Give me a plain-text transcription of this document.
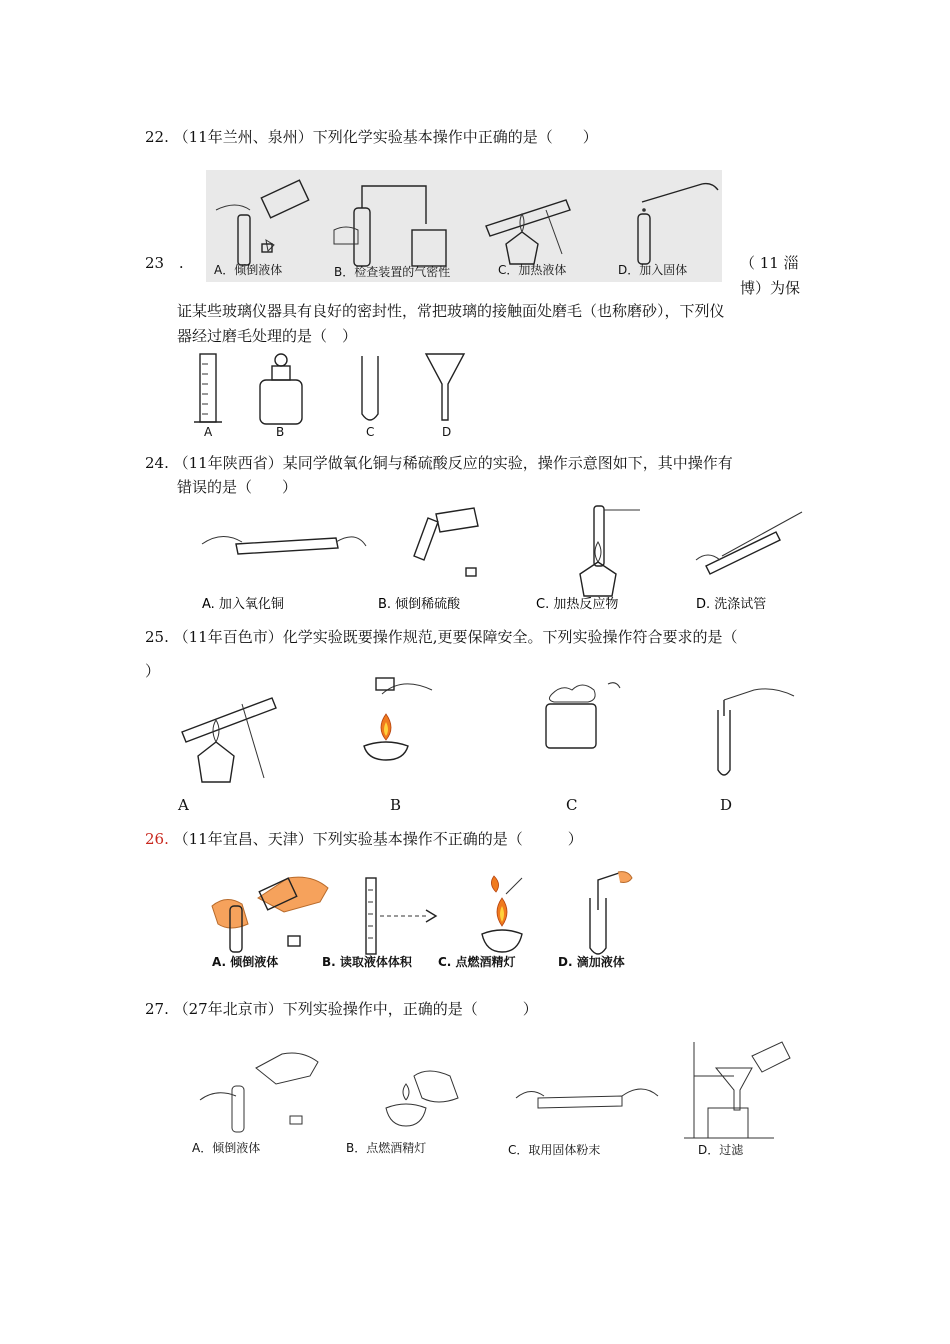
22. （11年兰州、泉州）下列化学实验基本操作中正确的是（　　）
A．倾倒液体	B．检查装置的气密性	C．加热液体	D．加入固体
23 .	（ 11 淄
博）为保
证某些玻璃仪器具有良好的密封性，常把玻璃的接触面处磨毛（也称磨砂），下列仪
器经过磨毛处理的是（　）
A	B	C	D
24. （11年陕西省）某同学做氧化铜与稀硫酸反应的实验，操作示意图如下，其中操作有
错误的是（　　）
A. 加入氧化铜	B. 倾倒稀硫酸	C. 加热反应物	D. 洗涤试管
25. （11年百色市）化学实验既要操作规范,更要保障安全。下列实验操作符合要求的是（
）
A	B	C	D
26. （11年宜昌、天津）下列实验基本操作不正确的是（　　　）
A. 倾倒液体	B. 读取液体体积 C. 点燃酒精灯	D. 滴加液体
27. （27年北京市）下列实验操作中，正确的是（　　　）
A．倾倒液体	B．点燃酒精灯	C．取用固体粉末	D．过滤
